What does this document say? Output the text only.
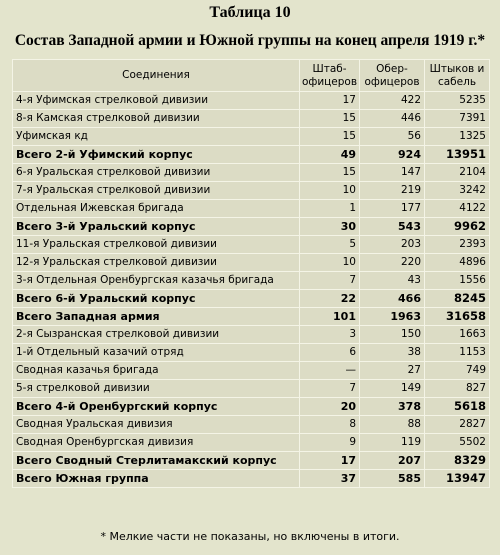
Таблица 10
Состав Западной армии и Южной группы на конец апреля 1919 г.*
Соединения	Штаб-офицеров	Обер-офицеров	Штыков и сабель
4-я Уфимская стрелковой дивизии	17	422	5235
8-я Камская стрелковой дивизии	15	446	7391
Уфимская кд	15	56	1325
Всего 2-й Уфимский корпус	49	924	13951
6-я Уральская стрелковой дивизии	15	147	2104
7-я Уральская стрелковой дивизии	10	219	3242
Отдельная Ижевская бригада	1	177	4122
Всего 3-й Уральский корпус	30	543	9962
11-я Уральская стрелковой дивизии	5	203	2393
12-я Уральская стрелковой дивизии	10	220	4896
3-я Отдельная Оренбургская казачья бригада	7	43	1556
Всего 6-й Уральский корпус	22	466	8245
Всего Западная армия	101	1963	31658
2-я Сызранская стрелковой дивизии	3	150	1663
1-й Отдельный казачий отряд	6	38	1153
Сводная казачья бригада	—	27	749
5-я стрелковой дивизии	7	149	827
Всего 4-й Оренбургский корпус	20	378	5618
Сводная Уральская дивизия	8	88	2827
Сводная Оренбургская дивизия	9	119	5502
Всего Сводный Стерлитамакский корпус	17	207	8329
Всего Южная группа	37	585	13947
* Мелкие части не показаны, но включены в итоги.
